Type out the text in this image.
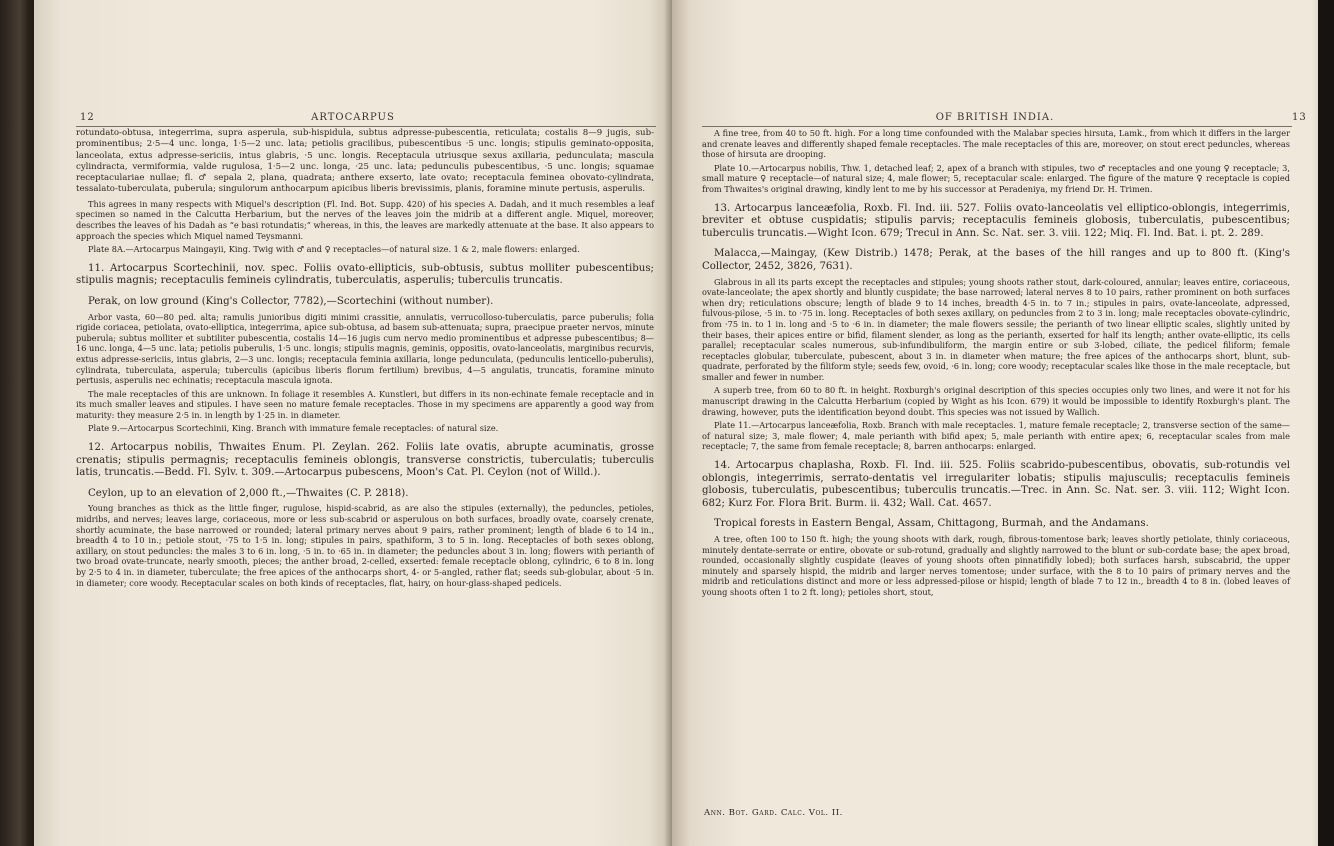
12	ARTOCARPUS

rotundato-obtusa, integerrima, supra asperula, sub-hispidula, subtus adpresse-pubescentia, reticulata; costalis 8—9 jugis, sub-prominentibus; 2·5—4 unc. longa, 1·5—2 unc. lata; petiolis gracilibus, pubescentibus ·5 unc. longis; stipulis geminato-opposita, lanceolata, extus adpresse-sericiis, intus glabris, ·5 unc. longis. Receptacula utriusque sexus axillaria, pedunculata; mascula cylindracta, vermiformia, valde rugulosa, 1·5—2 unc. longa, ·25 unc. lata; pedunculis pubescentibus, ·5 unc. longis; squamae receptaculariae nullae; fl. ♂ sepala 2, plana, quadrata; anthere exserto, late ovato; receptacula feminea obovato-cylindrata, tessalato-tuberculata, puberula; singulorum anthocarpum apicibus liberis brevissimis, planis, foramine minute pertusis, asperulis.

This agrees in many respects with Miquel's description (Fl. Ind. Bot. Supp. 420) of his species A. Dadah, and it much resembles a leaf specimen so named in the Calcutta Herbarium, but the nerves of the leaves join the midrib at a different angle. Miquel, moreover, describes the leaves of his Dadah as “e basi rotundatis;” whereas, in this, the leaves are markedly attenuate at the base. It also appears to approach the species which Miquel named Teysmanni.

Plate 8A.—Artocarpus Maingayii, King. Twig with ♂ and ♀ receptacles—of natural size. 1 & 2, male flowers: enlarged.

11. Artocarpus Scortechinii, nov. spec. Foliis ovato-ellipticis, sub-obtusis, subtus molliter pubescentibus; stipulis magnis; receptaculis femineis cylindratis, tuberculatis, asperulis; tuberculis truncatis.

Perak, on low ground (King's Collector, 7782),—Scortechini (without number).

Arbor vasta, 60—80 ped. alta; ramulis junioribus digiti minimi crassitie, annulatis, verrucolloso-tuberculatis, parce puberulis; folia rigide coriacea, petiolata, ovato-elliptica, integerrima, apice sub-obtusa, ad basem sub-attenuata; supra, praecipue praeter nervos, minute puberula; subtus molliter et subtiliter pubescentia, costalis 14—16 jugis cum nervo medio prominentibus et adpresse pubescentibus; 8—16 unc. longa, 4—5 unc. lata; petiolis puberulis, 1·5 unc. longis; stipulis magnis, geminis, oppositis, ovato-lanceolatis, marginibus recurvis, extus adpresse-sericiis, intus glabris, 2—3 unc. longis; receptacula feminia axillaria, longe pedunculata, (pedunculis lenticello-puberulis), cylindrata, tuberculata, asperula; tuberculis (apicibus liberis florum fertilium) brevibus, 4—5 angulatis, truncatis, foramine minuto pertusis, asperulis nec echinatis; receptacula mascula ignota.

The male receptacles of this are unknown. In foliage it resembles A. Kunstleri, but differs in its non-echinate female receptacle and in its much smaller leaves and stipules. I have seen no mature female receptacles. Those in my specimens are apparently a good way from maturity: they measure 2·5 in. in length by 1·25 in. in diameter.

Plate 9.—Artocarpus Scortechinii, King. Branch with immature female receptacles: of natural size.

12. Artocarpus nobilis, Thwaites Enum. Pl. Zeylan. 262. Foliis late ovatis, abrupte acuminatis, grosse crenatis; stipulis permagnis; receptaculis femineis oblongis, transverse constrictis, tuberculatis; tuberculis latis, truncatis.—Bedd. Fl. Sylv. t. 309.—Artocarpus pubescens, Moon's Cat. Pl. Ceylon (not of Willd.).

Ceylon, up to an elevation of 2,000 ft.,—Thwaites (C. P. 2818).

Young branches as thick as the little finger, rugulose, hispid-scabrid, as are also the stipules (externally), the peduncles, petioles, midribs, and nerves; leaves large, coriaceous, more or less sub-scabrid or asperulous on both surfaces, broadly ovate, coarsely crenate, shortly acuminate, the base narrowed or rounded; lateral primary nerves about 9 pairs, rather prominent; length of blade 6 to 14 in., breadth 4 to 10 in.; petiole stout, ·75 to 1·5 in. long; stipules in pairs, spathiform, 3 to 5 in. long. Receptacles of both sexes oblong, axillary, on stout peduncles: the males 3 to 6 in. long, ·5 in. to ·65 in. in diameter; the peduncles about 3 in. long; flowers with perianth of two broad ovate-truncate, nearly smooth, pieces; the anther broad, 2-celled, exserted: female receptacle oblong, cylindric, 6 to 8 in. long by 2·5 to 4 in. in diameter, tuberculate; the free apices of the anthocarps short, 4- or 5-angled, rather flat; seeds sub-globular, about ·5 in. in diameter; core woody. Receptacular scales on both kinds of receptacles, flat, hairy, on hour-glass-shaped pedicels.

OF BRITISH INDIA.	13

A fine tree, from 40 to 50 ft. high. For a long time confounded with the Malabar species hirsuta, Lamk., from which it differs in the larger and crenate leaves and differently shaped female receptacles. The male receptacles of this are, moreover, on stout erect peduncles, whereas those of hirsuta are drooping.

Plate 10.—Artocarpus nobilis, Thw. 1, detached leaf; 2, apex of a branch with stipules, two ♂ receptacles and one young ♀ receptacle; 3, small mature ♀ receptacle—of natural size; 4, male flower; 5, receptacular scale: enlarged. The figure of the mature ♀ receptacle is copied from Thwaites's original drawing, kindly lent to me by his successor at Peradeniya, my friend Dr. H. Trimen.

13. Artocarpus lanceæfolia, Roxb. Fl. Ind. iii. 527. Foliis ovato-lanceolatis vel elliptico-oblongis, integerrimis, breviter et obtuse cuspidatis; stipulis parvis; receptaculis femineis globosis, tuberculatis, pubescentibus; tuberculis truncatis.—Wight Icon. 679; Trecul in Ann. Sc. Nat. ser. 3. viii. 122; Miq. Fl. Ind. Bat. i. pt. 2. 289.

Malacca,—Maingay, (Kew Distrib.) 1478; Perak, at the bases of the hill ranges and up to 800 ft. (King's Collector, 2452, 3826, 7631).

Glabrous in all its parts except the receptacles and stipules; young shoots rather stout, dark-coloured, annular; leaves entire, coriaceous, ovate-lanceolate; the apex shortly and bluntly cuspidate; the base narrowed; lateral nerves 8 to 10 pairs, rather prominent on both surfaces when dry; reticulations obscure; length of blade 9 to 14 inches, breadth 4·5 in. to 7 in.; stipules in pairs, ovate-lanceolate, adpressed, fulvous-pilose, ·5 in. to ·75 in. long. Receptacles of both sexes axillary, on peduncles from 2 to 3 in. long; male receptacles obovate-cylindric, from ·75 in. to 1 in. long and ·5 to ·6 in. in diameter; the male flowers sessile; the perianth of two linear elliptic scales, slightly united by their bases, their apices entire or bifid, filament slender, as long as the perianth, exserted for half its length; anther ovate-elliptic, its cells parallel; receptacular scales numerous, sub-infundibuliform, the margin entire or sub 3-lobed, ciliate, the pedicel filiform; female receptacles globular, tuberculate, pubescent, about 3 in. in diameter when mature; the free apices of the anthocarps short, blunt, sub-quadrate, perforated by the filiform style; seeds few, ovoid, ·6 in. long; core woody; receptacular scales like those in the male receptacle, but smaller and fewer in number.

A superb tree, from 60 to 80 ft. in height. Roxburgh's original description of this species occupies only two lines, and were it not for his manuscript drawing in the Calcutta Herbarium (copied by Wight as his Icon. 679) it would be impossible to identify Roxburgh's plant. The drawing, however, puts the identification beyond doubt. This species was not issued by Wallich.

Plate 11.—Artocarpus lanceæfolia, Roxb. Branch with male receptacles. 1, mature female receptacle; 2, transverse section of the same—of natural size; 3, male flower; 4, male perianth with bifid apex; 5, male perianth with entire apex; 6, receptacular scales from male receptacle; 7, the same from female receptacle; 8, barren anthocarps: enlarged.

14. Artocarpus chaplasha, Roxb. Fl. Ind. iii. 525. Foliis scabrido-pubescentibus, obovatis, sub-rotundis vel oblongis, integerrimis, serrato-dentatis vel irregulariter lobatis; stipulis majusculis; receptaculis femineis globosis, tuberculatis, pubescentibus; tuberculis truncatis.—Trec. in Ann. Sc. Nat. ser. 3. viii. 112; Wight Icon. 682; Kurz For. Flora Brit. Burm. ii. 432; Wall. Cat. 4657.

Tropical forests in Eastern Bengal, Assam, Chittagong, Burmah, and the Andamans.

A tree, often 100 to 150 ft. high; the young shoots with dark, rough, fibrous-tomentose bark; leaves shortly petiolate, thinly coriaceous, minutely dentate-serrate or entire, obovate or sub-rotund, gradually and slightly narrowed to the blunt or sub-cordate base; the apex broad, rounded, occasionally slightly cuspidate (leaves of young shoots often pinnatifidly lobed); both surfaces harsh, subscabrid, the upper minutely and sparsely hispid, the midrib and larger nerves tomentose; under surface, with the 8 to 10 pairs of primary nerves and the midrib and reticulations distinct and more or less adpressed-pilose or hispid; length of blade 7 to 12 in., breadth 4 to 8 in. (lobed leaves of young shoots often 1 to 2 ft. long); petioles short, stout,

Ann. Bot. Gard. Calc. Vol. II.
